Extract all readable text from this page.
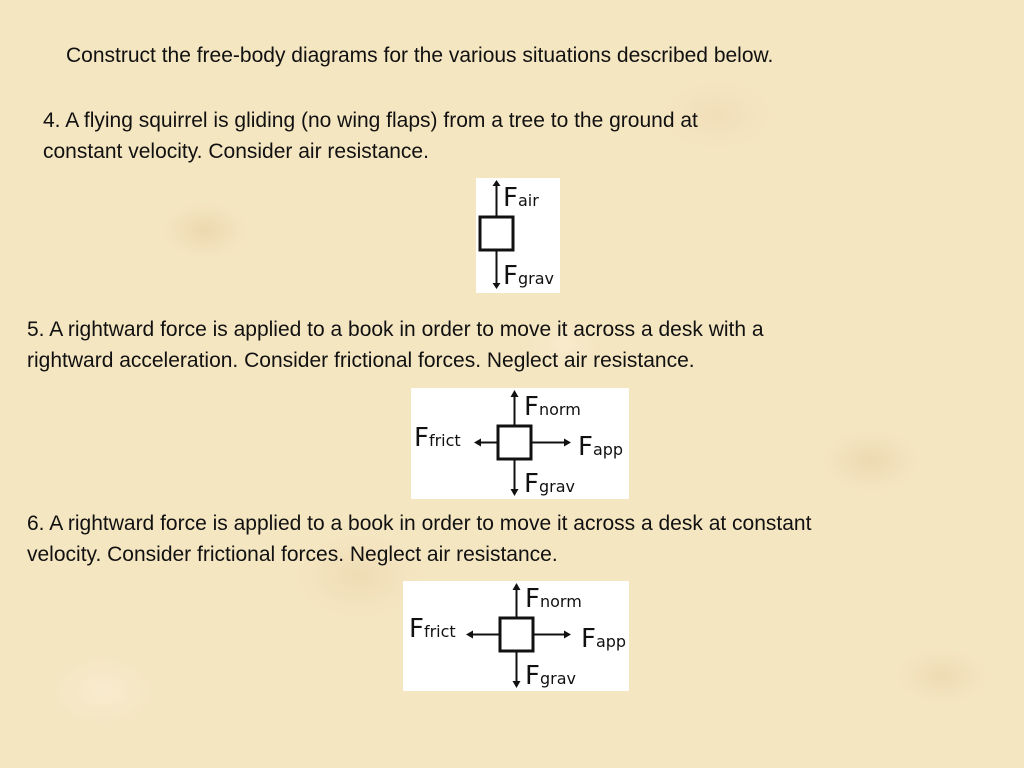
Construct the free-body diagrams for the various situations described below.

4. A flying squirrel is gliding (no wing flaps) from a tree to the ground at

constant velocity. Consider air resistance.

Fair
Fgrav

5. A rightward force is applied to a book in order to move it across a desk with a

rightward acceleration. Consider frictional forces. Neglect air resistance.

Fnorm
Fgrav
Ffrict	Fapp

6. A rightward force is applied to a book in order to move it across a desk at constant

velocity. Consider frictional forces. Neglect air resistance.

Fnorm
Fgrav
Ffrict	Fapp
